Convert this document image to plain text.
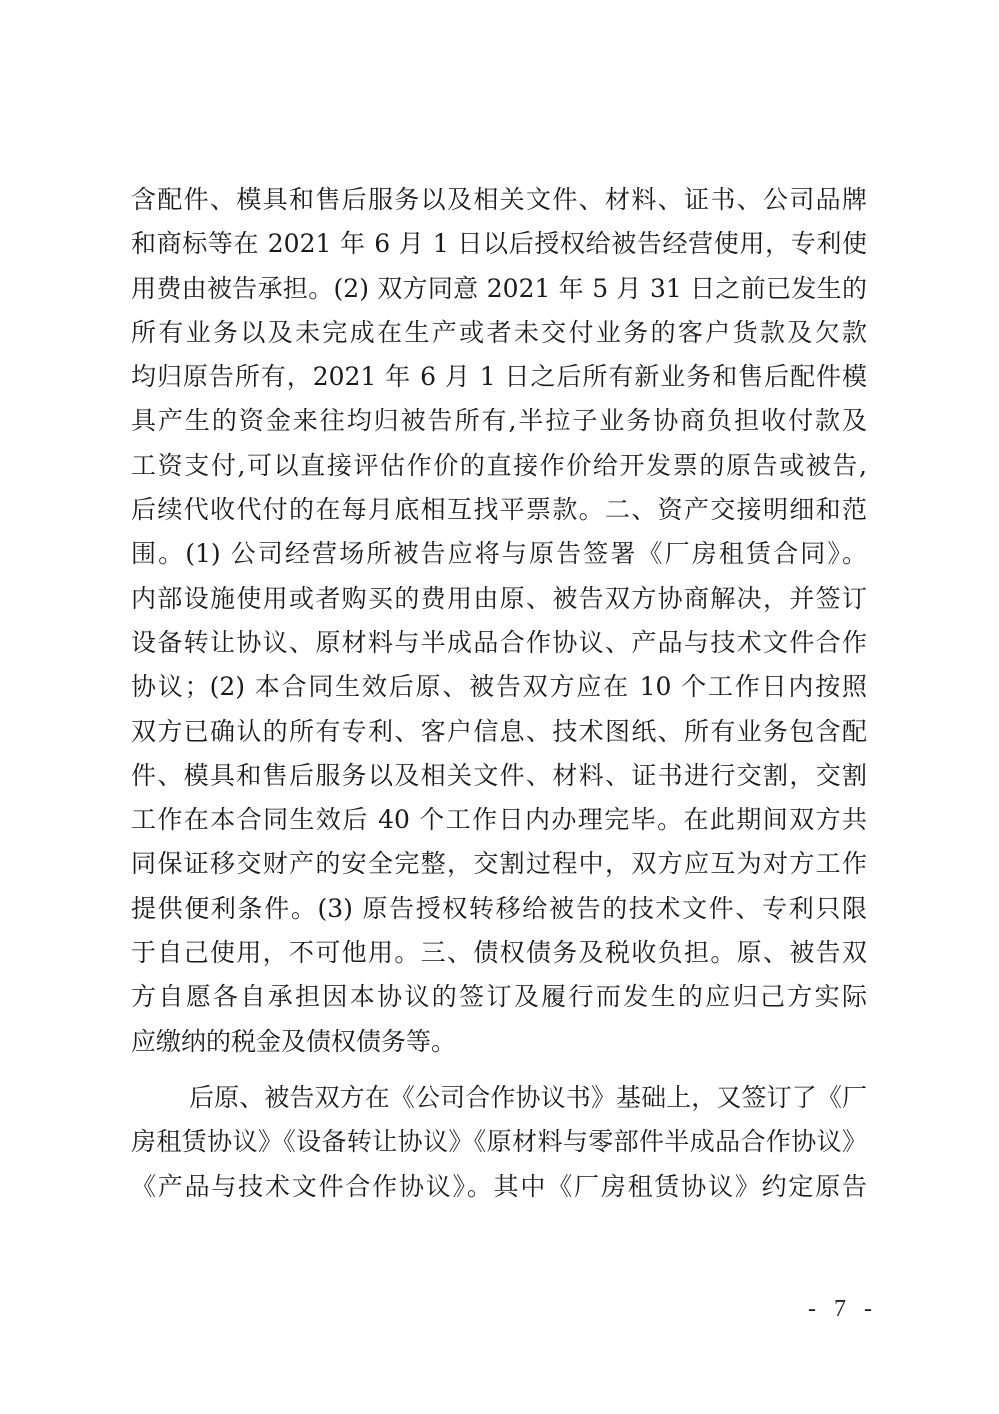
含配件、模具和售后服务以及相关文件、材料、证书、公司品牌
和商标等在 2021 年 6 月 1 日以后授权给被告经营使用，专利使
用费由被告承担。(2) 双方同意 2021 年 5 月 31 日之前已发生的
所有业务以及未完成在生产或者未交付业务的客户货款及欠款
均归原告所有，2021 年 6 月 1 日之后所有新业务和售后配件模
具产生的资金来往均归被告所有,半拉子业务协商负担收付款及
工资支付,可以直接评估作价的直接作价给开发票的原告或被告,
后续代收代付的在每月底相互找平票款。二、资产交接明细和范
围。(1) 公司经营场所被告应将与原告签署《厂房租赁合同》。
内部设施使用或者购买的费用由原、被告双方协商解决，并签订
设备转让协议、原材料与半成品合作协议、产品与技术文件合作
协议；(2) 本合同生效后原、被告双方应在 10 个工作日内按照
双方已确认的所有专利、客户信息、技术图纸、所有业务包含配
件、模具和售后服务以及相关文件、材料、证书进行交割，交割
工作在本合同生效后 40 个工作日内办理完毕。在此期间双方共
同保证移交财产的安全完整，交割过程中，双方应互为对方工作
提供便利条件。(3) 原告授权转移给被告的技术文件、专利只限
于自己使用，不可他用。三、债权债务及税收负担。原、被告双
方自愿各自承担因本协议的签订及履行而发生的应归己方实际
应缴纳的税金及债权债务等。
后原、被告双方在《公司合作协议书》基础上，又签订了《厂
房租赁协议》《设备转让协议》《原材料与零部件半成品合作协议》
《产品与技术文件合作协议》。其中《厂房租赁协议》约定原告
- 7 -
